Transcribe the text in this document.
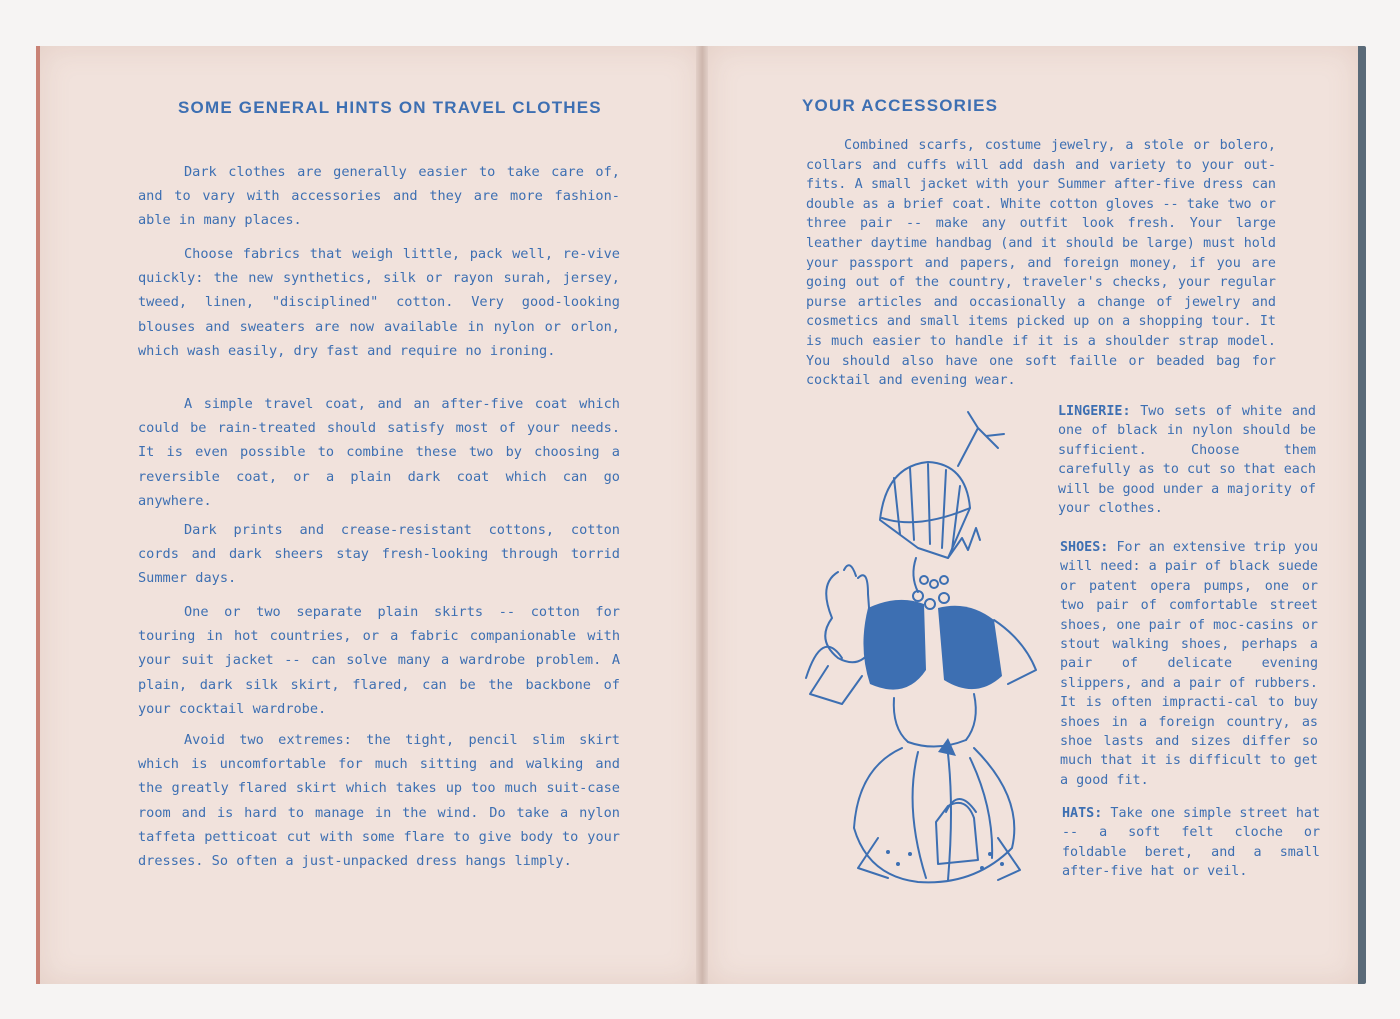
SOME GENERAL HINTS ON TRAVEL CLOTHES

Dark clothes are generally easier to take care of, and to vary with accessories and they are more fashion-able in many places.

Choose fabrics that weigh little, pack well, re-vive quickly: the new synthetics, silk or rayon surah, jersey, tweed, linen, "disciplined" cotton. Very good-looking blouses and sweaters are now available in nylon or orlon, which wash easily, dry fast and require no ironing.

A simple travel coat, and an after-five coat which could be rain-treated should satisfy most of your needs. It is even possible to combine these two by choosing a reversible coat, or a plain dark coat which can go anywhere.

Dark prints and crease-resistant cottons, cotton cords and dark sheers stay fresh-looking through torrid Summer days.

One or two separate plain skirts -- cotton for touring in hot countries, or a fabric companionable with your suit jacket -- can solve many a wardrobe problem. A plain, dark silk skirt, flared, can be the backbone of your cocktail wardrobe.

Avoid two extremes: the tight, pencil slim skirt which is uncomfortable for much sitting and walking and the greatly flared skirt which takes up too much suit-case room and is hard to manage in the wind. Do take a nylon taffeta petticoat cut with some flare to give body to your dresses. So often a just-unpacked dress hangs limply.

YOUR ACCESSORIES

Combined scarfs, costume jewelry, a stole or bolero, collars and cuffs will add dash and variety to your out-fits. A small jacket with your Summer after-five dress can double as a brief coat. White cotton gloves -- take two or three pair -- make any outfit look fresh. Your large leather daytime handbag (and it should be large) must hold your passport and papers, and foreign money, if you are going out of the country, traveler's checks, your regular purse articles and occasionally a change of jewelry and cosmetics and small items picked up on a shopping tour. It is much easier to handle if it is a shoulder strap model. You should also have one soft faille or beaded bag for cocktail and evening wear.

LINGERIE: Two sets of white and one of black in nylon should be sufficient. Choose them carefully as to cut so that each will be good under a majority of your clothes.

SHOES: For an extensive trip you will need: a pair of black suede or patent opera pumps, one or two pair of comfortable street shoes, one pair of moc-casins or stout walking shoes, perhaps a pair of delicate evening slippers, and a pair of rubbers. It is often impracti-cal to buy shoes in a foreign country, as shoe lasts and sizes differ so much that it is difficult to get a good fit.

HATS: Take one simple street hat -- a soft felt cloche or foldable beret, and a small after-five hat or veil.
